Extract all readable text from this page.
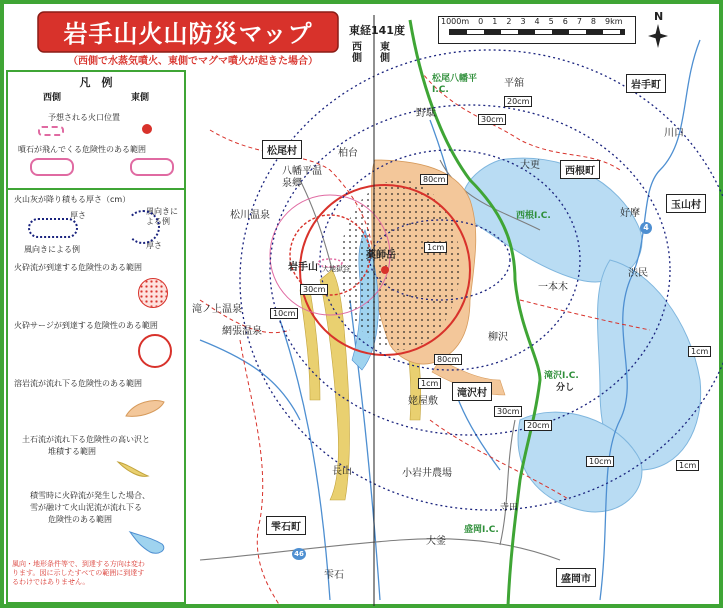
岩手山火山防災マップ
（西側で水蒸気噴火、東側でマグマ噴火が起きた場合）
東経141度
西側
東側
1000m 0 1 2 3 4 5 6 7 8 9km	N
凡　例
西側	東側
予想される火口位置
噴石が飛んでくる危険性のある範囲
火山灰が降り積もる厚さ（cm）
厚さ
風向きによる例
風向きに
よる例
厚さ
火砕流が到達する危険性のある範囲
火砕サージが到達する危険性のある範囲
溶岩流が流れ下る危険性のある範囲
土石流が流れ下る危険性の高い沢と
堆積する範囲
積雪時に火砕流が発生した場合、
雪が融けて火山泥流が流れ下る
危険性のある範囲
風向・地形条件等で、到達する方向は変わ
ります。図に示したすべての範囲に到達す
るわけではありません。
岩手町
西根町
玉山村
松尾村
滝沢村
雫石町
盛岡市
平舘
大更
川口
好摩
渋民
一本木
柳沢
姥屋敷
小岩井農場
長山
雫石
大釜
柏台
八幡平温泉郷
松川温泉
網張温泉
滝ノ上温泉
野駄
岩手山
薬師岳
大地獄谷
寺田
松尾八幡平I.C.
西根I.C.
滝沢I.C.
盛岡I.C.
分し
1cm
10cm
20cm
30cm
80cm
30cm
10cm
1cm
1cm
20cm
30cm
80cm
1cm
4
46
